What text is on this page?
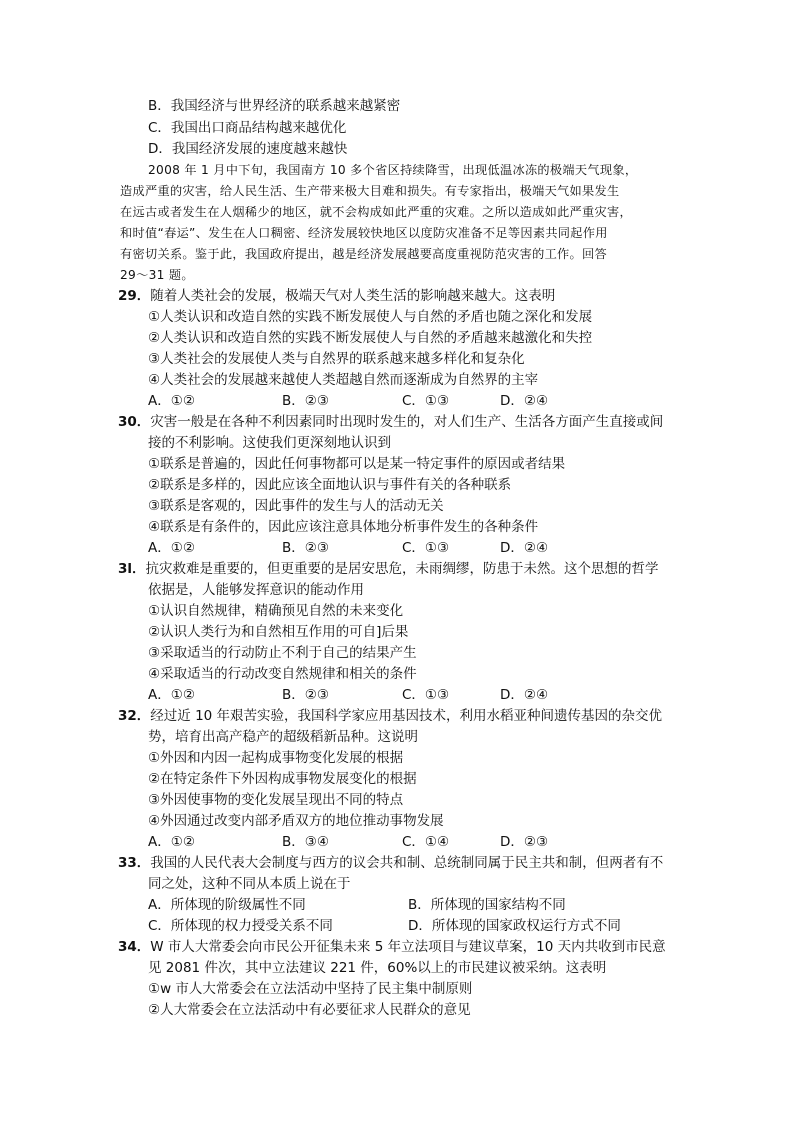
B．我国经济与世界经济的联系越来越紧密
C．我国出口商品结构越来越优化
D．我国经济发展的速度越来越快
2008 年 1 月中下旬，我国南方 10 多个省区持续降雪，出现低温冰冻的极端天气现象，
造成严重的灾害，给人民生活、生产带来极大目难和损失。有专家指出，极端天气如果发生
在远古或者发生在人烟稀少的地区，就不会构成如此严重的灾难。之所以造成如此严重灾害，
和时值“春运”、发生在人口稠密、经济发展较快地区以度防灾准备不足等因素共同起作用
有密切关系。鉴于此，我国政府提出，越是经济发展越要高度重视防范灾害的工作。回答
29～31 题。
29．随着人类社会的发展，极端天气对人类生活的影响越来越大。这表明
①人类认识和改造自然的实践不断发展使人与自然的矛盾也随之深化和发展
②人类认识和改造自然的实践不断发展使人与自然的矛盾越来越激化和失控
③人类社会的发展使人类与自然界的联系越来越多样化和复杂化
④人类社会的发展越来越使人类超越自然而逐渐成为自然界的主宰
A．①②	B．②③	C．①③	D．②④
30．灾害一般是在各种不利因素同时出现时发生的，对人们生产、生活各方面产生直接或间
接的不利影响。这使我们更深刻地认识到
①联系是普遍的，因此任何事物都可以是某一特定事件的原因或者结果
②联系是多样的，因此应该全面地认识与事件有关的各种联系
③联系是客观的，因此事件的发生与人的活动无关
④联系是有条件的，因此应该注意具体地分析事件发生的各种条件
A．①②	B．②③	C．①③	D．②④
3l．抗灾救难是重要的，但更重要的是居安思危，未雨绸缪，防患于未然。这个思想的哲学
依据是，人能够发挥意识的能动作用
①认识自然规律，精确预见自然的未来变化
②认识人类行为和自然相互作用的可自]后果
③采取适当的行动防止不利于自己的结果产生
④采取适当的行动改变自然规律和相关的条件
A．①②	B．②③	C．①③	D．②④
32．经过近 10 年艰苦实验，我国科学家应用基因技术，利用水稻亚种间遗传基因的杂交优
势，培育出高产稳产的超级稻新品种。这说明
①外因和内因一起构成事物变化发展的根据
②在特定条件下外因构成事物发展变化的根据
③外因使事物的变化发展呈现出不同的特点
④外因通过改变内部矛盾双方的地位推动事物发展
A．①②	B．③④	C．①④	D．②③
33．我国的人民代表大会制度与西方的议会共和制、总统制同属于民主共和制，但两者有不
同之处，这种不同从本质上说在于
A．所体现的阶级属性不同	B．所体现的国家结构不同
C．所体现的权力授受关系不同	D．所体现的国家政权运行方式不同
34．W 市人大常委会向市民公开征集未来 5 年立法项目与建议草案，10 天内共收到市民意
见 2081 件次，其中立法建议 221 件，60%以上的市民建议被采纳。这表明
①w 市人大常委会在立法活动中坚持了民主集中制原则
②人大常委会在立法活动中有必要征求人民群众的意见
